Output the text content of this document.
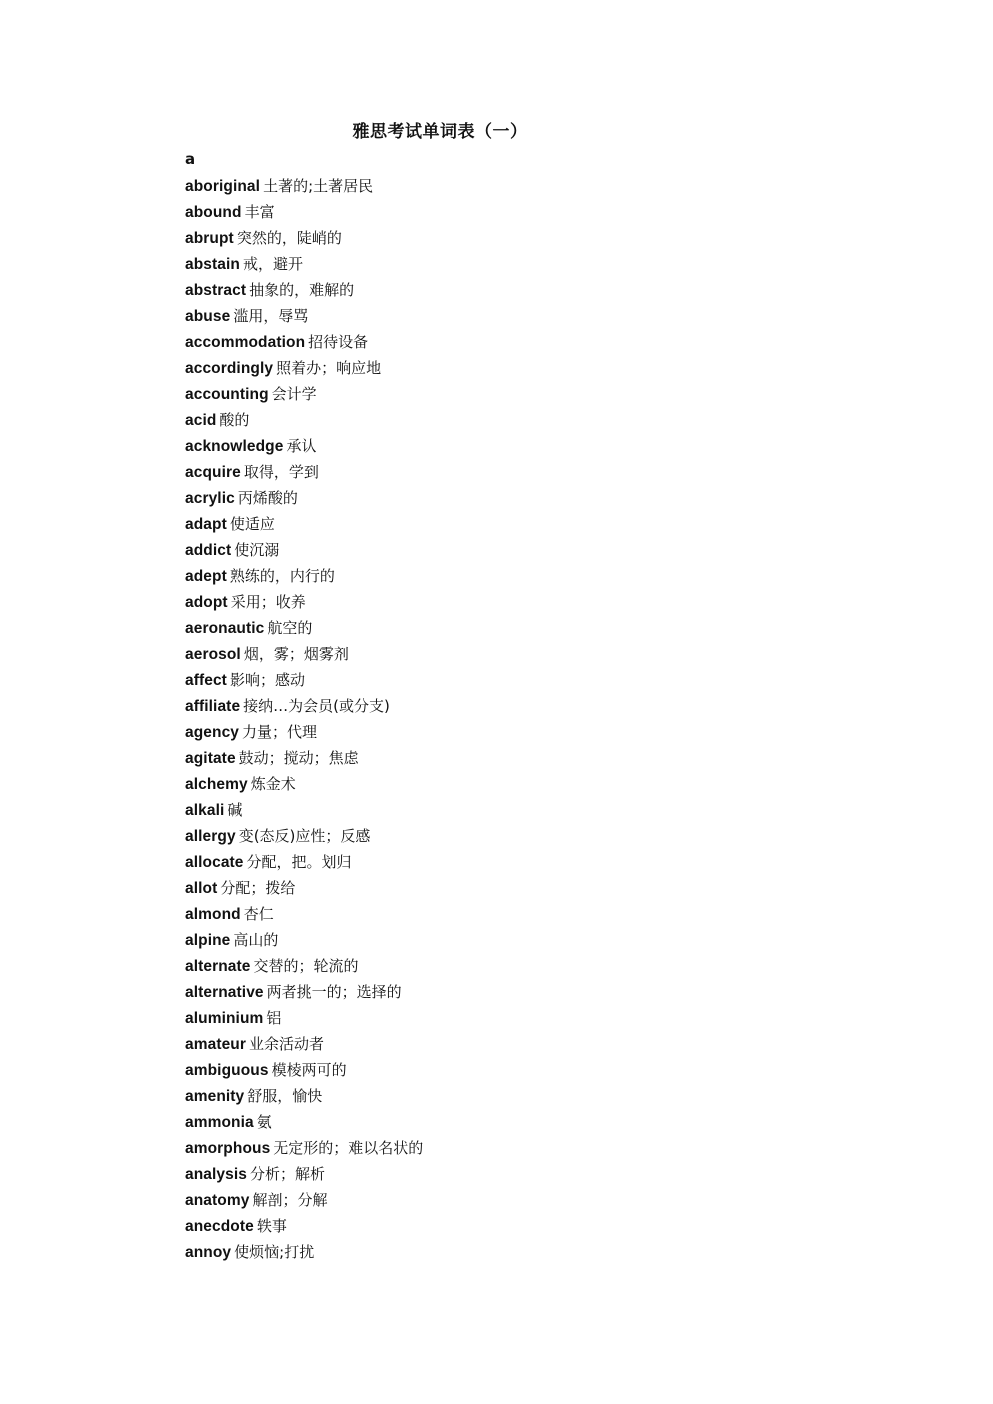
雅思考试单词表（一）
a
aboriginal 土著的;土著居民
abound 丰富
abrupt 突然的，陡峭的
abstain 戒，避开
abstract 抽象的，难解的
abuse 滥用，辱骂
accommodation 招待设备
accordingly 照着办；响应地
accounting 会计学
acid 酸的
acknowledge 承认
acquire 取得，学到
acrylic 丙烯酸的
adapt 使适应
addict 使沉溺
adept 熟练的，内行的
adopt 采用；收养
aeronautic 航空的
aerosol 烟，雾；烟雾剂
affect 影响；感动
affiliate 接纳…为会员(或分支)
agency 力量；代理
agitate 鼓动；搅动；焦虑
alchemy 炼金术
alkali 碱
allergy 变(态反)应性；反感
allocate 分配，把。划归
allot 分配；拨给
almond 杏仁
alpine 高山的
alternate 交替的；轮流的
alternative 两者挑一的；选择的
aluminium 铝
amateur 业余活动者
ambiguous 模棱两可的
amenity 舒服，愉快
ammonia 氨
amorphous 无定形的；难以名状的
analysis 分析；解析
anatomy 解剖；分解
anecdote 轶事
annoy 使烦恼;打扰
